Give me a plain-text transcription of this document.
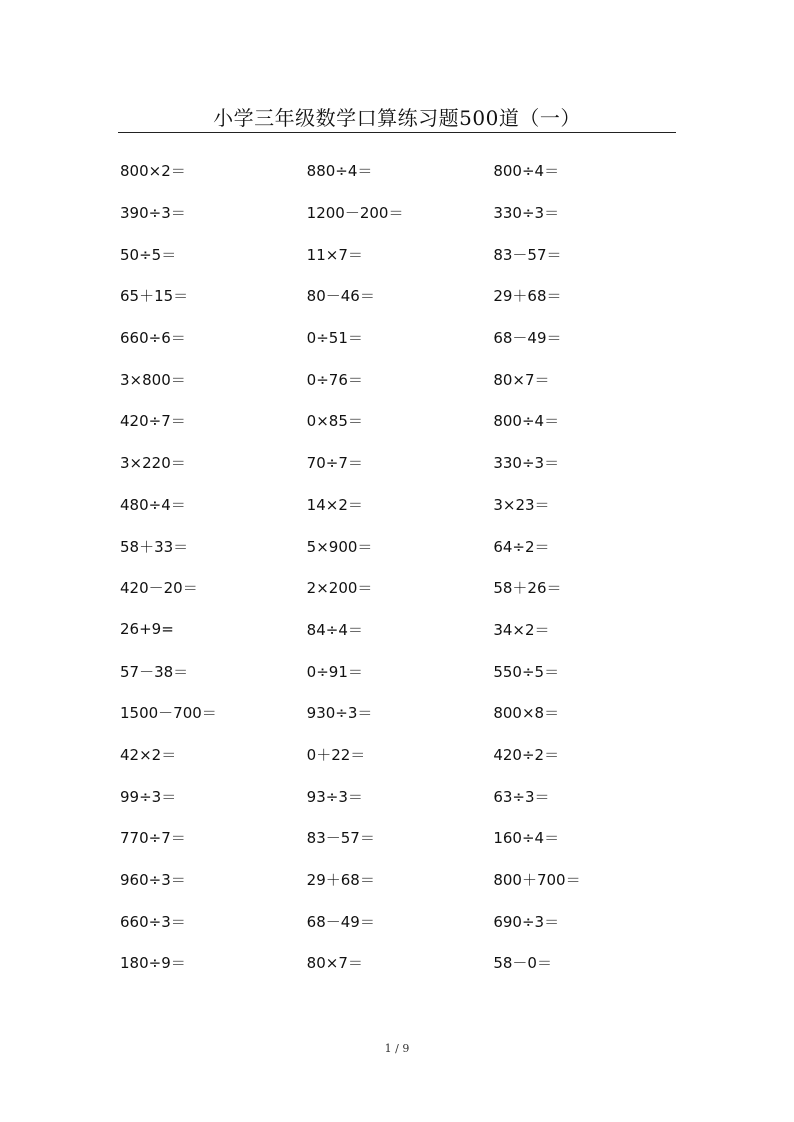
小学三年级数学口算练习题500道（一）
800×2＝	880÷4＝	800÷4＝
390÷3＝	1200－200＝	330÷3＝
50÷5＝	11×7＝	83－57＝
65＋15＝	80－46＝	29＋68＝
660÷6＝	0÷51＝	68－49＝
3×800＝	0÷76＝	80×7＝
420÷7＝	0×85＝	800÷4＝
3×220＝	70÷7＝	330÷3＝
480÷4＝	14×2＝	3×23＝
58＋33＝	5×900＝	64÷2＝
420－20＝	2×200＝	58＋26＝
26+9=	84÷4＝	34×2＝
57－38＝	0÷91＝	550÷5＝
1500－700＝	930÷3＝	800×8＝
42×2＝	0＋22＝	420÷2＝
99÷3＝	93÷3＝	63÷3＝
770÷7＝	83－57＝	160÷4＝
960÷3＝	29＋68＝	800＋700＝
660÷3＝	68－49＝	690÷3＝
180÷9＝	80×7＝	58－0＝
1 / 9
